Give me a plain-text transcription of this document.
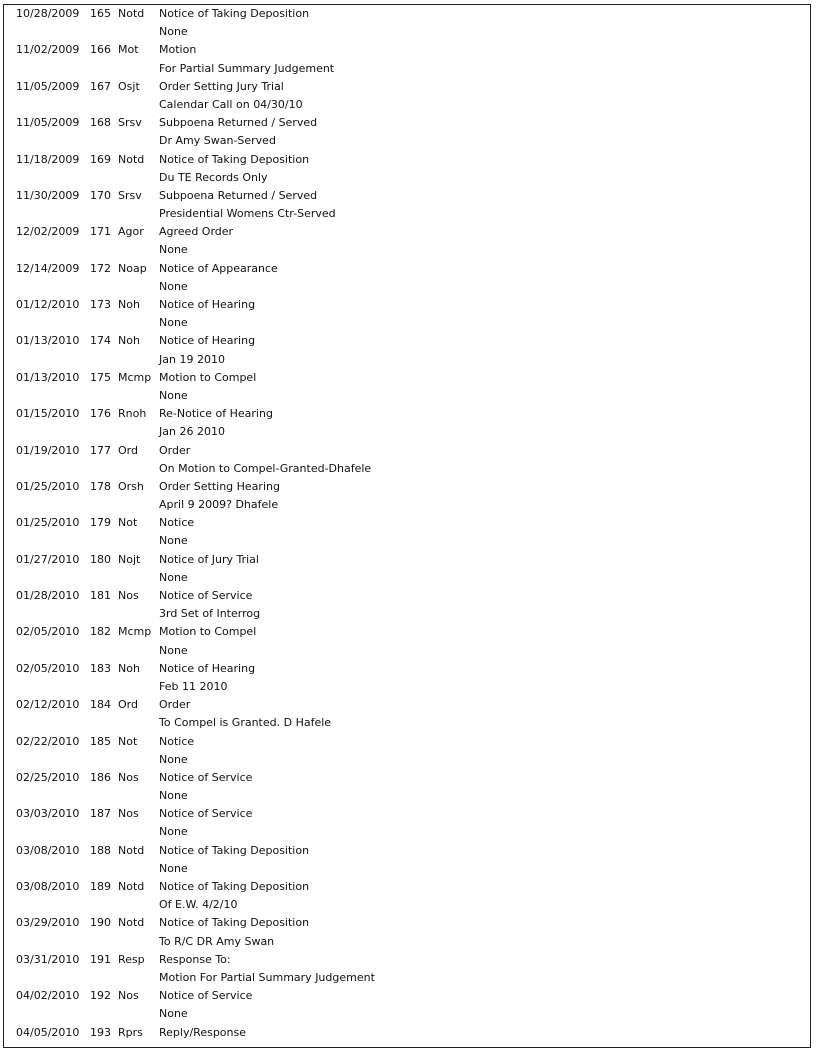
10/28/2009 165 Notd	Notice of Taking Deposition
None
11/02/2009 166 Mot	Motion
For Partial Summary Judgement
11/05/2009 167 Osjt	Order Setting Jury Trial
Calendar Call on 04/30/10
11/05/2009 168 Srsv	Subpoena Returned / Served
Dr Amy Swan-Served
11/18/2009 169 Notd	Notice of Taking Deposition
Du TE Records Only
11/30/2009 170 Srsv	Subpoena Returned / Served
Presidential Womens Ctr-Served
12/02/2009 171 Agor	Agreed Order
None
12/14/2009 172 Noap	Notice of Appearance
None
01/12/2010 173 Noh	Notice of Hearing
None
01/13/2010 174 Noh	Notice of Hearing
Jan 19 2010
01/13/2010 175 Mcmp Motion to Compel
None
01/15/2010 176 Rnoh	Re-Notice of Hearing
Jan 26 2010
01/19/2010 177 Ord	Order
On Motion to Compel-Granted-Dhafele
01/25/2010 178 Orsh	Order Setting Hearing
April 9 2009? Dhafele
01/25/2010 179 Not	Notice
None
01/27/2010 180 Nojt	Notice of Jury Trial
None
01/28/2010 181 Nos	Notice of Service
3rd Set of Interrog
02/05/2010 182 Mcmp Motion to Compel
None
02/05/2010 183 Noh	Notice of Hearing
Feb 11 2010
02/12/2010 184 Ord	Order
To Compel is Granted. D Hafele
02/22/2010 185 Not	Notice
None
02/25/2010 186 Nos	Notice of Service
None
03/03/2010 187 Nos	Notice of Service
None
03/08/2010 188 Notd	Notice of Taking Deposition
None
03/08/2010 189 Notd	Notice of Taking Deposition
Of E.W. 4/2/10
03/29/2010 190 Notd	Notice of Taking Deposition
To R/C DR Amy Swan
03/31/2010 191 Resp	Response To:
Motion For Partial Summary Judgement
04/02/2010 192 Nos	Notice of Service
None
04/05/2010 193 Rprs	Reply/Response
